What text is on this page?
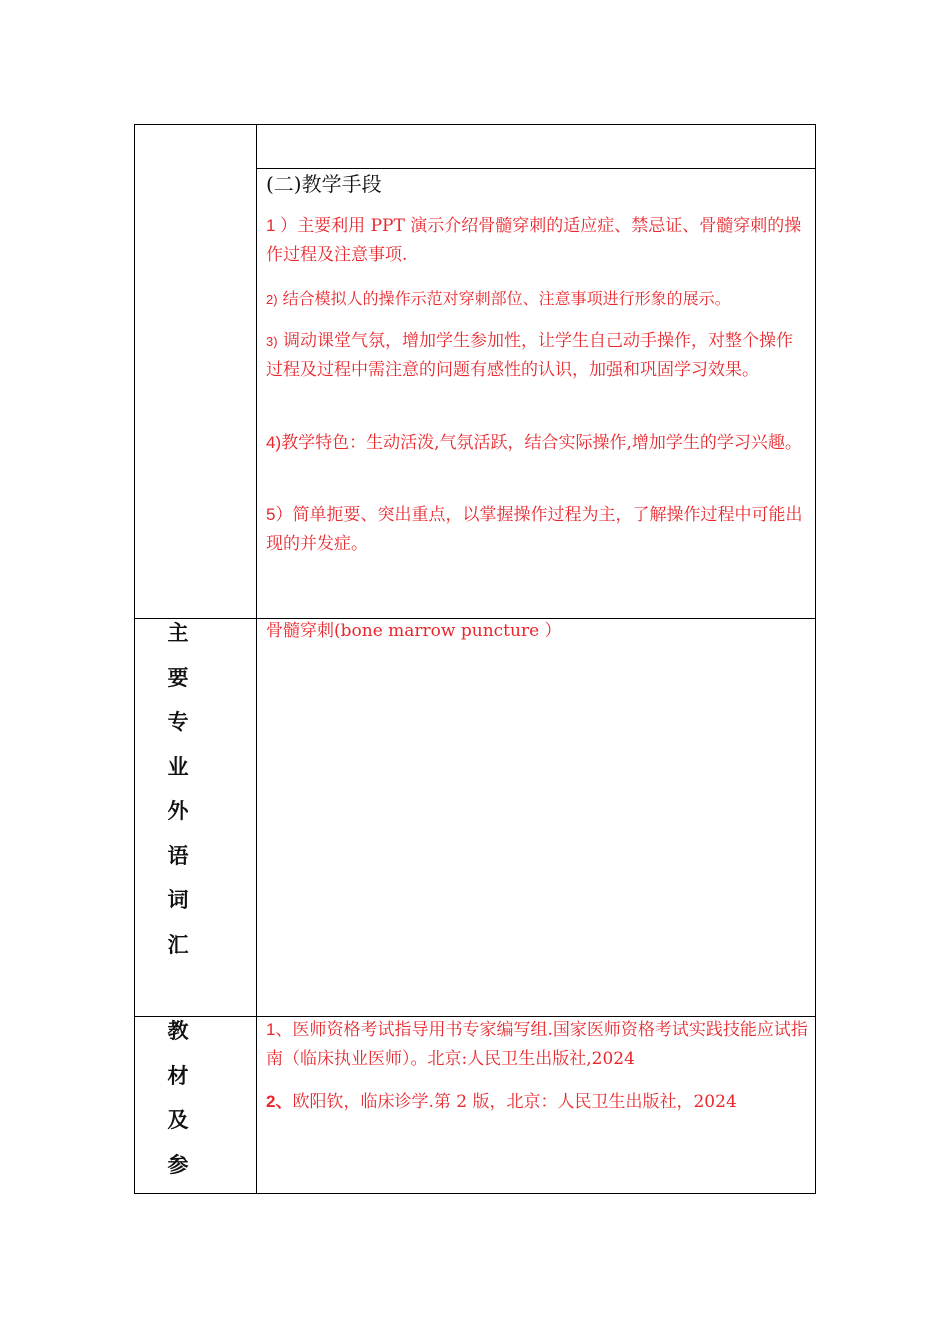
(二)教学手段
1 ）主要利用 PPT 演示介绍骨髓穿刺的适应症、禁忌证、骨髓穿刺的操作过程及注意事项.
2) 结合模拟人的操作示范对穿刺部位、注意事项进行形象的展示。
3) 调动课堂气氛，增加学生参加性，让学生自己动手操作，对整个操作过程及过程中需注意的问题有感性的认识，加强和巩固学习效果。
4)教学特色：生动活泼,气氛活跃，结合实际操作,增加学生的学习兴趣。
5）简单扼要、突出重点，以掌握操作过程为主，了解操作过程中可能出现的并发症。
主
要
专
业
外
语
词
汇
骨髓穿刺(bone marrow puncture ）
教
材
及
参
1、医师资格考试指导用书专家编写组.国家医师资格考试实践技能应试指南（临床执业医师）。北京:人民卫生出版社,2024
2、欧阳钦，临床诊学.第 2 版，北京：人民卫生出版社，2024
